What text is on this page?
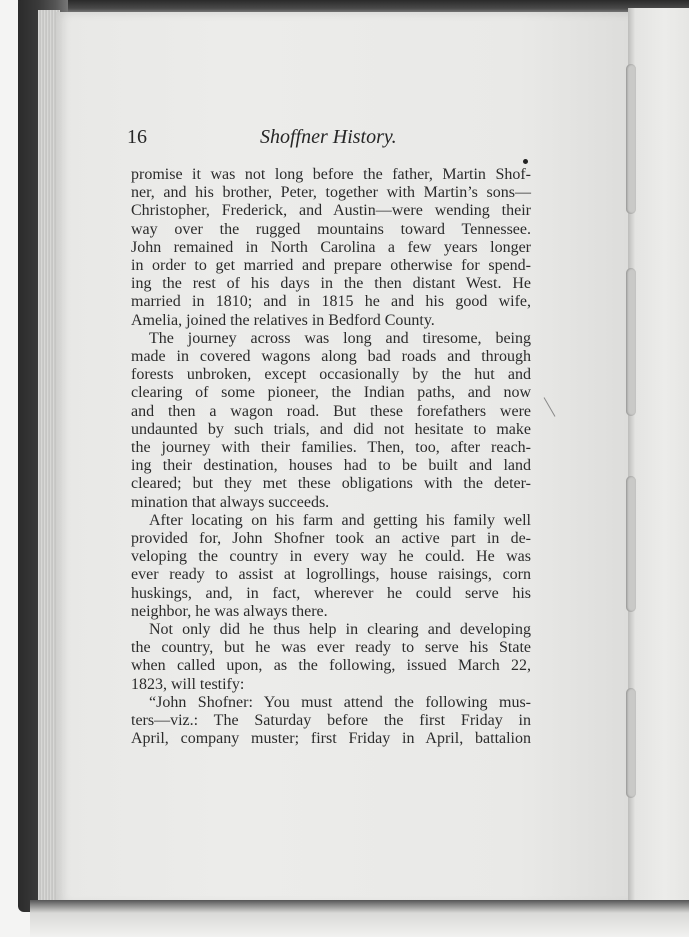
16	Shoffner History.
promise it was not long before the father, Martin Shof-
ner, and his brother, Peter, together with Martin’s sons—
Christopher, Frederick, and Austin—were wending their
way over the rugged mountains toward Tennessee.
John remained in North Carolina a few years longer
in order to get married and prepare otherwise for spend-
ing the rest of his days in the then distant West. He
married in 1810; and in 1815 he and his good wife,
Amelia, joined the relatives in Bedford County.
The journey across was long and tiresome, being
made in covered wagons along bad roads and through
forests unbroken, except occasionally by the hut and
clearing of some pioneer, the Indian paths, and now
and then a wagon road. But these forefathers were
undaunted by such trials, and did not hesitate to make
the journey with their families. Then, too, after reach-
ing their destination, houses had to be built and land
cleared; but they met these obligations with the deter-
mination that always succeeds.
After locating on his farm and getting his family well
provided for, John Shofner took an active part in de-
veloping the country in every way he could. He was
ever ready to assist at logrollings, house raisings, corn
huskings, and, in fact, wherever he could serve his
neighbor, he was always there.
Not only did he thus help in clearing and developing
the country, but he was ever ready to serve his State
when called upon, as the following, issued March 22,
1823, will testify:
“John Shofner: You must attend the following mus-
ters—viz.: The Saturday before the first Friday in
April, company muster; first Friday in April, battalion
